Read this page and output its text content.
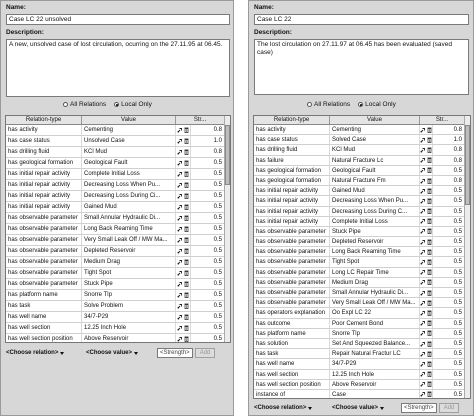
Name:
Case LC 22 unsolved
Description:
A new, unsolved case of lost circulation, ocurring on the 27.11.95 at 06.45.
All Relations Local Only
Relation-type	Value	Str...
has activity	Cementing	0.8
has case status	Unsolved Case	1.0
has drilling fluid	KCl Mud	0.8
has geological formation	Geological Fault	0.5
has initial repair activity	Complete Initial Loss	0.5
has initial repair activity	Decreasing Loss When Pu...	0.5
has initial repair activity	Decreasing Loss During Ci...	0.5
has initial repair activity	Gained Mud	0.5
has observable parameter	Small Annular Hydraulic Di...	0.5
has observable parameter	Long Back Reaming Time	0.5
has observable parameter	Very Small Leak Off / MW Ma...	0.5
has observable parameter	Depleted Reservoir	0.5
has observable parameter	Medium Drag	0.5
has observable parameter	Tight Spot	0.5
has observable parameter	Stuck Pipe	0.5
has platform name	Snorre Tlp	0.5
has task	Solve Problem	0.5
has well name	34/7-P29	0.5
has well section	12.25 Inch Hole	0.5
has well section position	Above Reservoir	0.5
<Choose relation>	<Choose value>	<Strength>	Add
Name:
Case LC 22
Description:
The lost circulation on 27.11.97 at 06.45 has been evaluated (saved case)
All Relations Local Only
Relation-type	Value	Str...
has activity	Cementing	0.8
has case status	Solved Case	1.0
has drilling fluid	KCl Mud	0.8
has failure	Natural Fracture Lc	0.8
has geological formation	Geological Fault	0.5
has geological formation	Natural Fracture Fm	0.8
has initial repair activity	Gained Mud	0.5
has initial repair activity	Decreasing Loss When Pu...	0.5
has initial repair activity	Decreasing Loss During C...	0.5
has initial repair activity	Complete Initial Loss	0.5
has observable parameter	Stuck Pipe	0.5
has observable parameter	Depleted Reservoir	0.5
has observable parameter	Long Back Reaming Time	0.5
has observable parameter	Tight Spot	0.5
has observable parameter	Long LC Repair Time	0.5
has observable parameter	Medium Drag	0.5
has observable parameter	Small Annular Hydraulic Di...	0.5
has observable parameter	Very Small Leak Off / MW Ma...	0.5
has operators explanation	Oo Expl LC 22	0.5
has outcome	Poor Cement Bond	0.5
has platform name	Snorre Tlp	0.5
has solution	Set And Squeezed Balance...	0.5
has task	Repair Natural Fractur LC	0.5
has well name	34/7-P29	0.5
has well section	12.25 Inch Hole	0.5
has well section position	Above Reservoir	0.5
instance of	Case	0.5
<Choose relation>	<Choose value>	<Strength>	Add
